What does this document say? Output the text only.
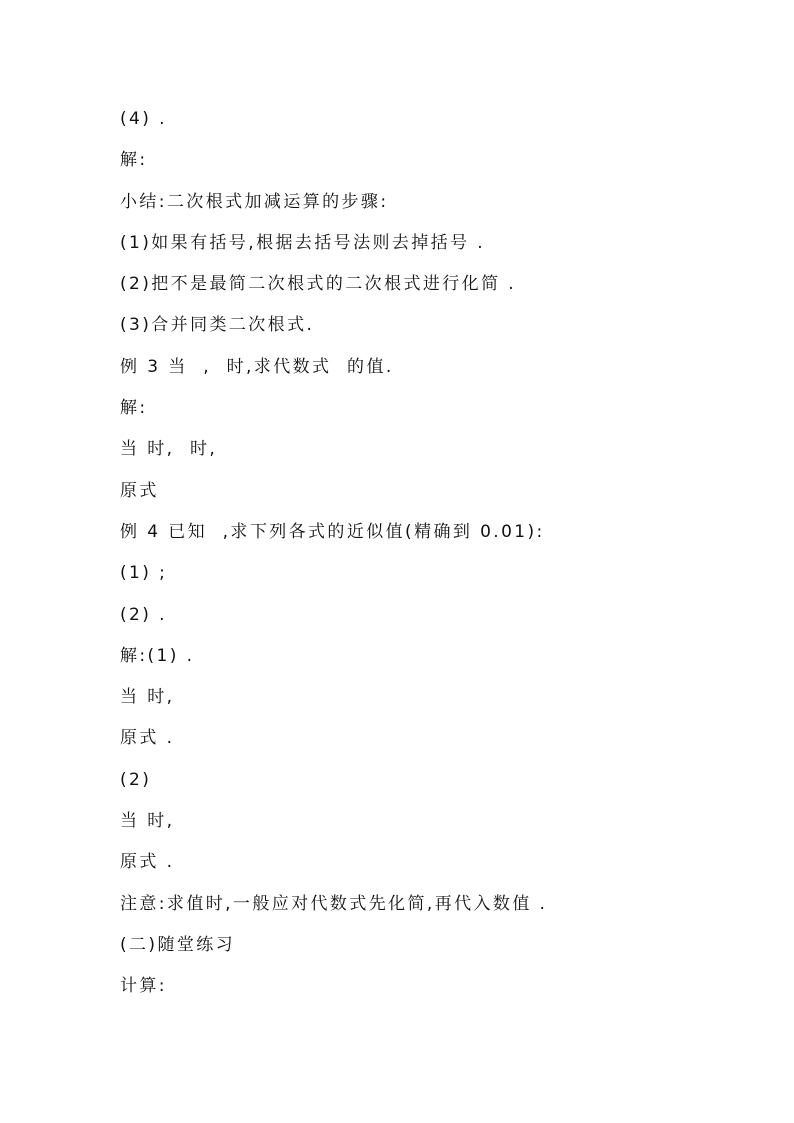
(4) .
解:
小结:二次根式加减运算的步骤:
(1)如果有括号,根据去括号法则去掉括号 .
(2)把不是最简二次根式的二次根式进行化简 .
(3)合并同类二次根式.
例 3 当  ,  时,求代数式  的值.
解:
当 时,  时,
原式
例 4 已知  ,求下列各式的近似值(精确到 0.01):
(1) ;
(2) .
解:(1) .
当 时,
原式 .
(2)
当 时,
原式 .
注意:求值时,一般应对代数式先化简,再代入数值 .
(二)随堂练习
计算:
